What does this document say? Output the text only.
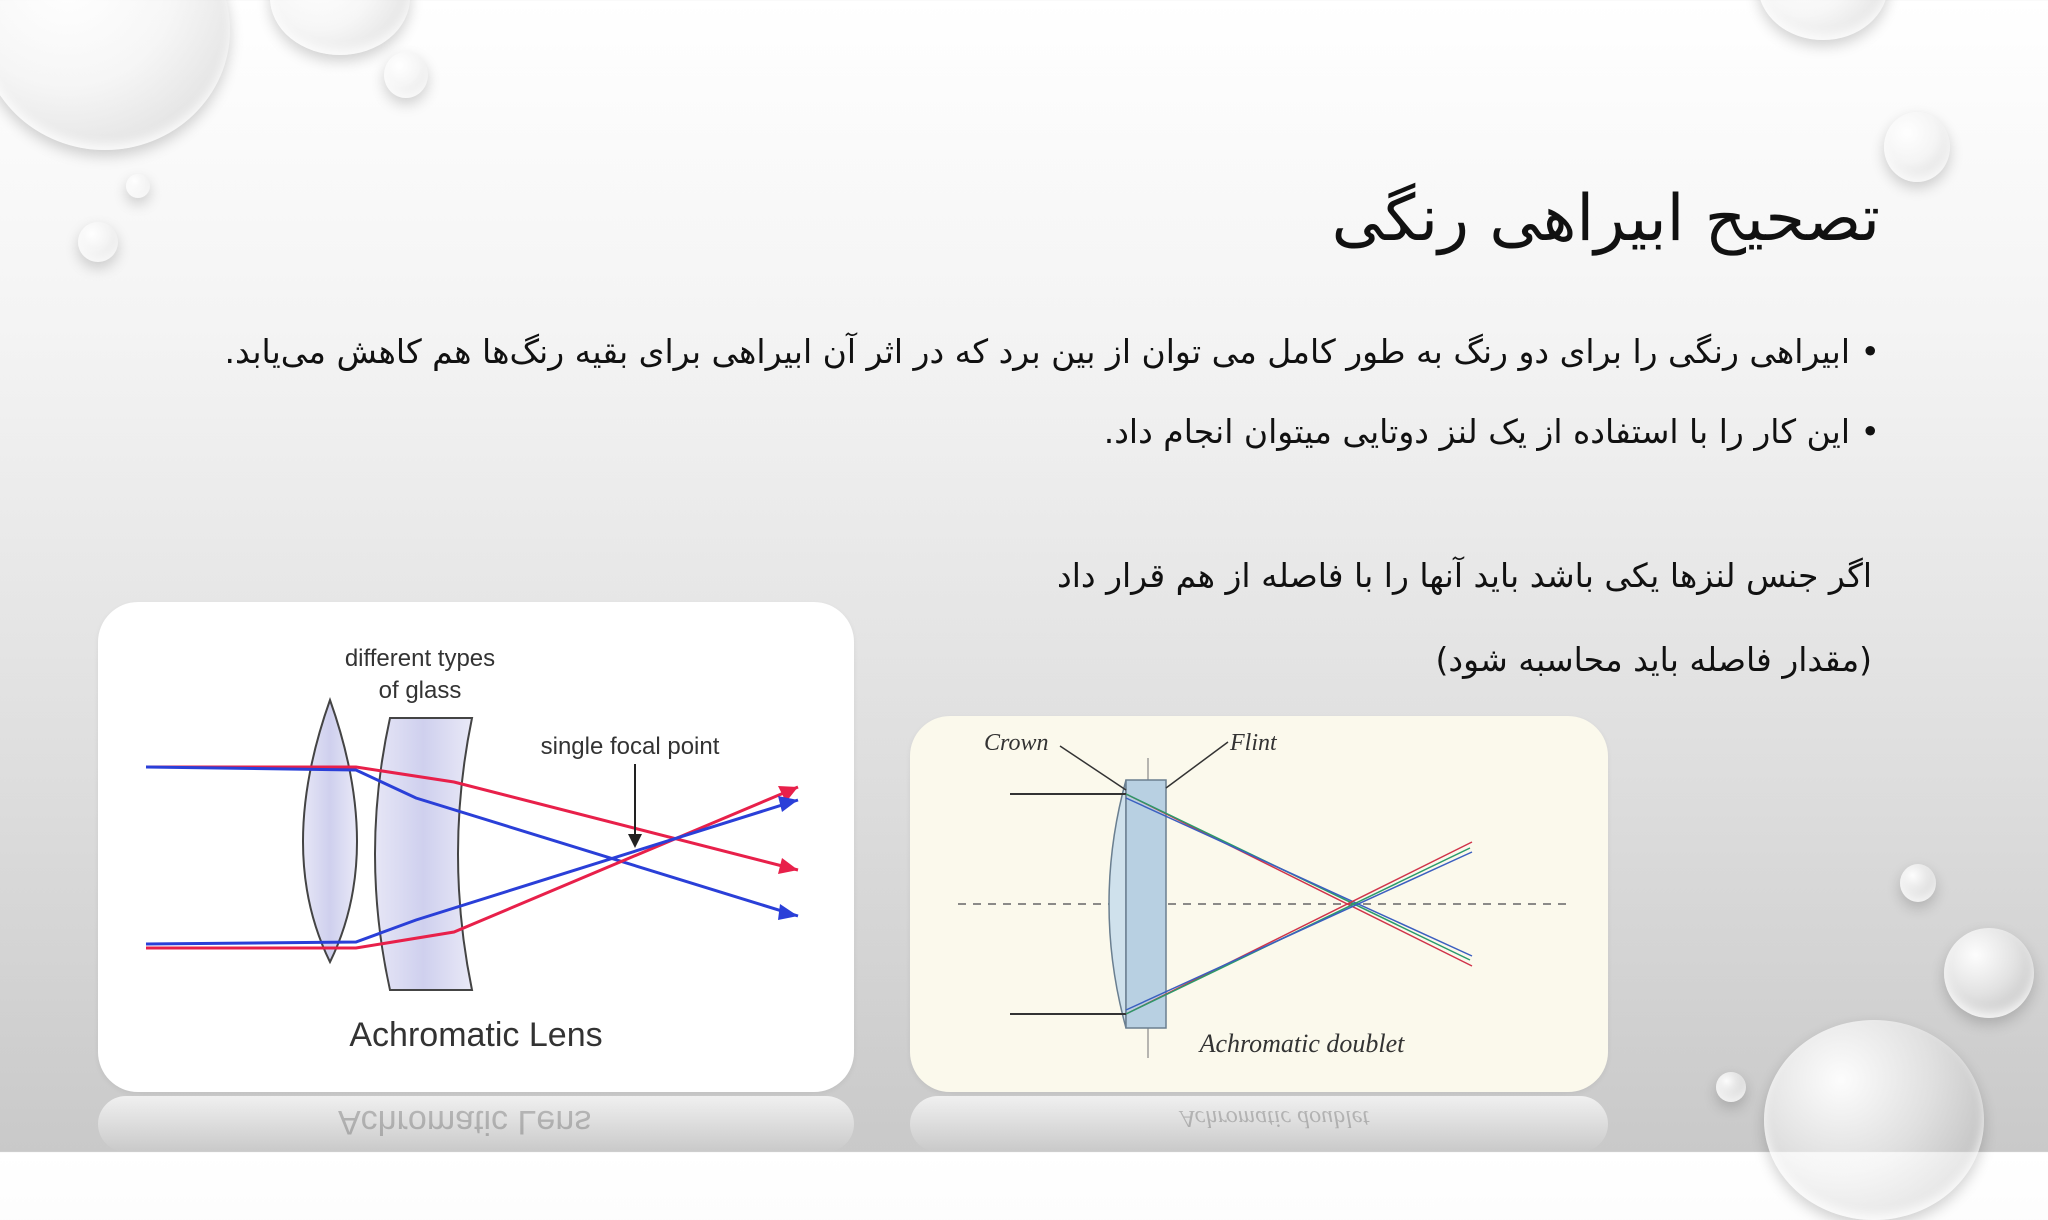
تصحیح ابیراهی رنگی
• ابیراهی رنگی را برای دو رنگ به طور کامل می توان از بین برد که در اثر آن ابیراهی برای بقیه رنگ‌ها هم کاهش می‌یابد.
• این کار را با استفاده از یک لنز دوتایی میتوان انجام داد.
اگر جنس لنزها یکی باشد باید آنها را با فاصله از هم قرار داد
(مقدار فاصله باید محاسبه شود)
different types
of glass
single focal point
Achromatic Lens
Crown	Flint
Achromatic doublet
Achromatic Lens	Achromatic doublet
